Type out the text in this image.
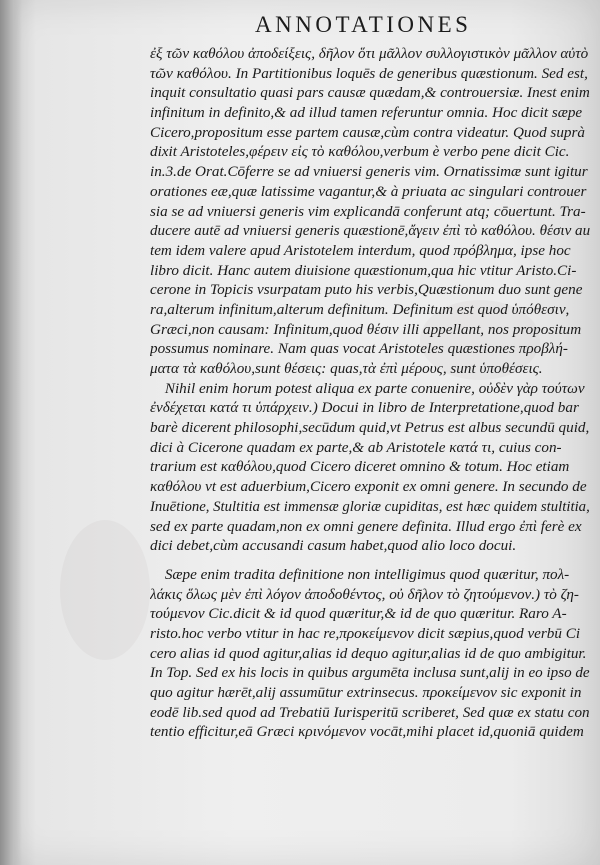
ANNOTATIONES
ἐξ τῶν καθόλου ἀποδείξεις, δῆλον ὅτι μᾶλλον συλλογιστικὸν μᾶλλον αὐτὸ
τῶν καθόλου. In Partitionibus loquēs de generibus quæstionum. Sed est,
inquit consultatio quasi pars causæ quædam,& controuersiæ. Inest enim
infinitum in definito,& ad illud tamen referuntur omnia. Hoc dicit sæpe
Cicero,propositum esse partem causæ,cùm contra videatur. Quod suprà
dixit Aristoteles,φέρειν εἰς τὸ καθόλου,verbum è verbo pene dicit Cic.
in.3.de Orat.Cōferre se ad vniuersi generis vim. Ornatissimæ sunt igitur
orationes eæ,quæ latissime vagantur,& à priuata ac singulari controuer
sia se ad vniuersi generis vim explicandā conferunt atq; cōuertunt. Tra-
ducere autē ad vniuersi generis quæstionē,ἄγειν ἐπὶ τὸ καθόλου. θέσιν au
tem idem valere apud Aristotelem interdum, quod πρόβλημα, ipse hoc
libro dicit. Hanc autem diuisione quæstionum,qua hic vtitur Aristo.Ci-
cerone in Topicis vsurpatam puto his verbis,Quæstionum duo sunt gene
ra,alterum infinitum,alterum definitum. Definitum est quod ὑπόθεσιν,
Græci,non causam: Infinitum,quod θέσιν illi appellant, nos propositum
possumus nominare. Nam quas vocat Aristoteles quæstiones πρoβλή-
ματα τὰ καθόλου,sunt θέσεις: quas,τὰ ἐπὶ μέρους, sunt ὑποθέσεις.
Nihil enim horum potest aliqua ex parte conuenire, οὐδὲν γὰρ τούτων
ἐνδέχεται κατά τι ὑπάρχειν.) Docui in libro de Interpretatione,quod bar
barè dicerent philosophi,secūdum quid,vt Petrus est albus secundū quid,
dici à Cicerone quadam ex parte,& ab Aristotele κατά τι, cuius con-
trarium est καθόλου,quod Cicero diceret omnino & totum. Hoc etiam
καθόλου vt est aduerbium,Cicero exponit ex omni genere. In secundo de
Inuētione, Stultitia est immensæ gloriæ cupiditas, est hæc quidem stultitia,
sed ex parte quadam,non ex omni genere definita. Illud ergo ἐπὶ ferè ex
dici debet,cùm accusandi casum habet,quod alio loco docui.
Sæpe enim tradita definitione non intelligimus quod quæritur, πολ-
λάκις ὅλως μὲν ἐπὶ λόγον ἀποδοθέντος, οὐ δῆλον τὸ ζητούμενον.) τὸ ζη-
τούμενον Cic.dicit & id quod quæritur,& id de quo quæritur. Raro A-
risto.hoc verbo vtitur in hac re,προκείμενον dicit sæpius,quod verbū Ci
cero alias id quod agitur,alias id dequo agitur,alias id de quo ambigitur.
In Top. Sed ex his locis in quibus argumēta inclusa sunt,alij in eo ipso de
quo agitur hærēt,alij assumūtur extrinsecus. προκείμενον sic exponit in
eodē lib.sed quod ad Trebatiū Iurisperitū scriberet, Sed quæ ex statu con
tentio efficitur,eā Græci κρινόμενον vocāt,mihi placet id,quoniā quidem
